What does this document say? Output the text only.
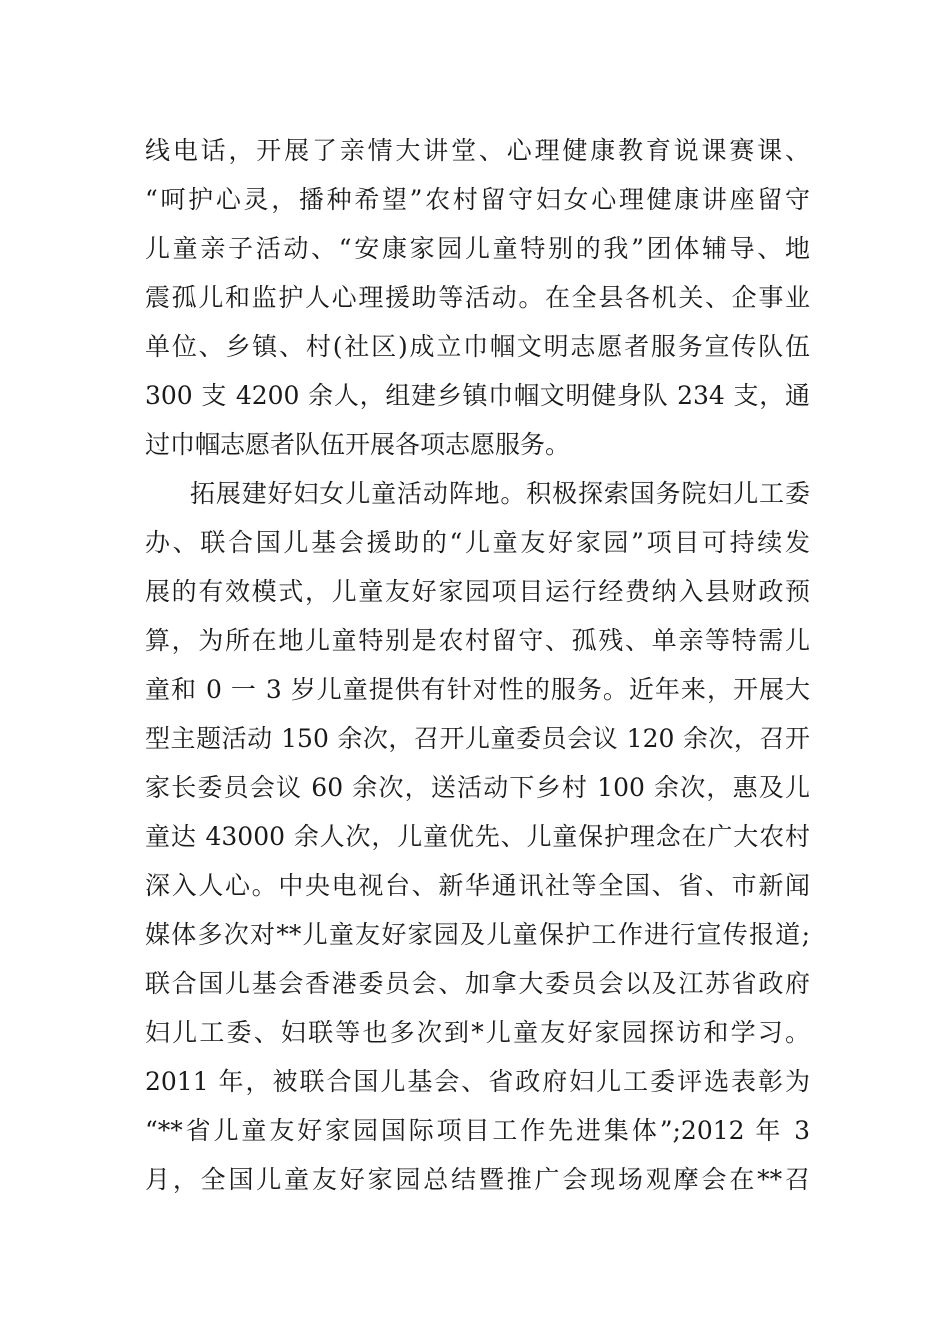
线电话，开展了亲情大讲堂、心理健康教育说课赛课、
“呵护心灵，播种希望”农村留守妇女心理健康讲座留守
儿童亲子活动、“安康家园儿童特别的我”团体辅导、地
震孤儿和监护人心理援助等活动。在全县各机关、企事业
单位、乡镇、村(社区)成立巾帼文明志愿者服务宣传队伍
300 支 4200 余人，组建乡镇巾帼文明健身队 234 支，通
过巾帼志愿者队伍开展各项志愿服务。
拓展建好妇女儿童活动阵地。积极探索国务院妇儿工委
办、联合国儿基会援助的“儿童友好家园”项目可持续发
展的有效模式，儿童友好家园项目运行经费纳入县财政预
算，为所在地儿童特别是农村留守、孤残、单亲等特需儿
童和 0 一 3 岁儿童提供有针对性的服务。近年来，开展大
型主题活动 150 余次，召开儿童委员会议 120 余次，召开
家长委员会议 60 余次，送活动下乡村 100 余次，惠及儿
童达 43000 余人次，儿童优先、儿童保护理念在广大农村
深入人心。中央电视台、新华通讯社等全国、省、市新闻
媒体多次对**儿童友好家园及儿童保护工作进行宣传报道;
联合国儿基会香港委员会、加拿大委员会以及江苏省政府
妇儿工委、妇联等也多次到*儿童友好家园探访和学习。
2011 年，被联合国儿基会、省政府妇儿工委评选表彰为
“**省儿童友好家园国际项目工作先进集体”;2012 年 3
月，全国儿童友好家园总结暨推广会现场观摩会在**召
